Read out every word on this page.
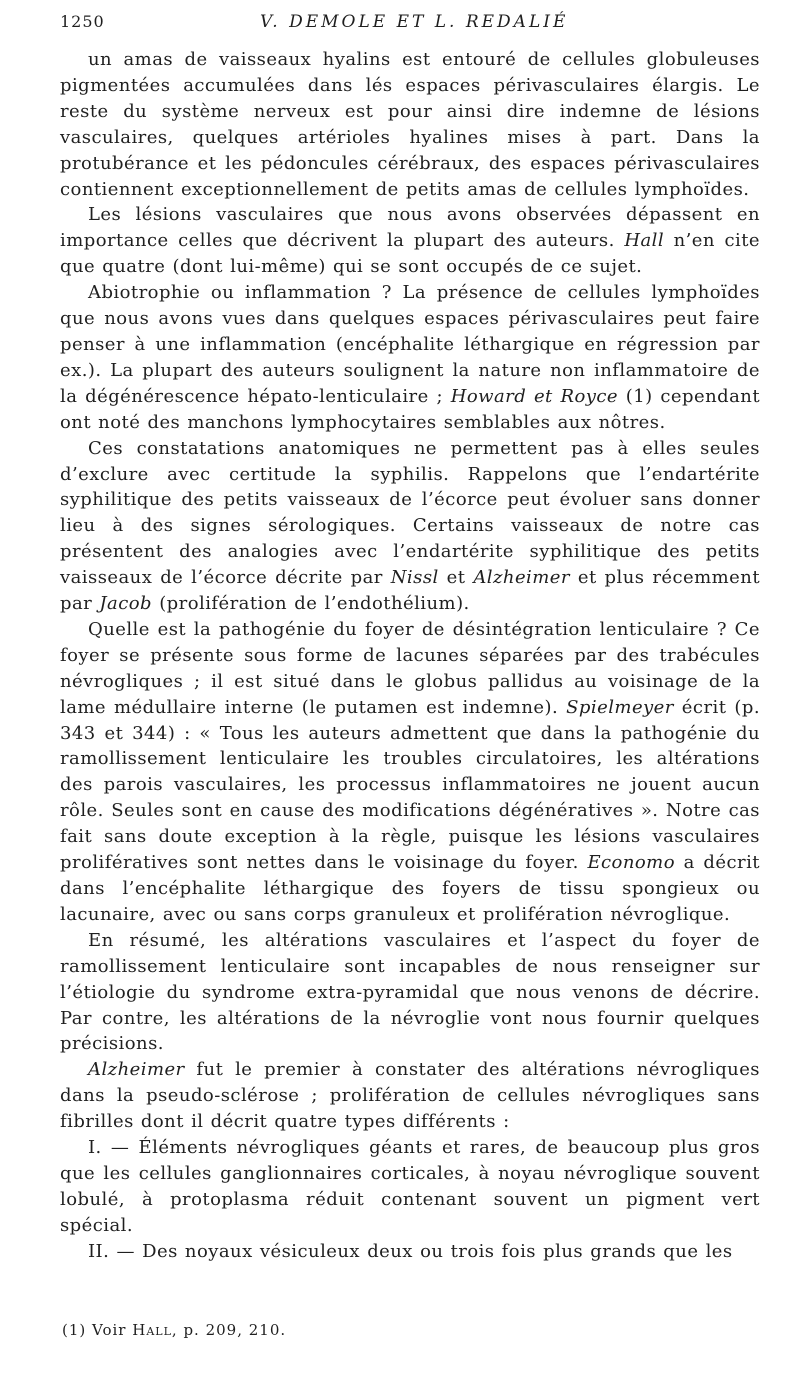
1250	V. DEMOLE ET L. REDALIÉ

un amas de vaisseaux hyalins est entouré de cellules globuleuses pigmentées accumulées dans lés espaces périvasculaires élargis. Le reste du système nerveux est pour ainsi dire indemne de lésions vasculaires, quelques artérioles hyalines mises à part. Dans la protubérance et les pédoncules cérébraux, des espaces périvasculaires contiennent exceptionnellement de petits amas de cellules lymphoïdes.

Les lésions vasculaires que nous avons observées dépassent en importance celles que décrivent la plupart des auteurs. Hall n’en cite que quatre (dont lui-même) qui se sont occupés de ce sujet.

Abiotrophie ou inflammation ? La présence de cellules lymphoïdes que nous avons vues dans quelques espaces périvasculaires peut faire penser à une inflammation (encéphalite léthargique en régression par ex.). La plupart des auteurs soulignent la nature non inflammatoire de la dégénérescence hépato-lenticulaire ; Howard et Royce (1) cependant ont noté des manchons lymphocytaires semblables aux nôtres.

Ces constatations anatomiques ne permettent pas à elles seules d’exclure avec certitude la syphilis. Rappelons que l’endartérite syphilitique des petits vaisseaux de l’écorce peut évoluer sans donner lieu à des signes sérologiques. Certains vaisseaux de notre cas présentent des analogies avec l’endartérite syphilitique des petits vaisseaux de l’écorce décrite par Nissl et Alzheimer et plus récemment par Jacob (prolifération de l’endothélium).

Quelle est la pathogénie du foyer de désintégration lenticulaire ? Ce foyer se présente sous forme de lacunes séparées par des trabécules névrogliques ; il est situé dans le globus pallidus au voisinage de la lame médullaire interne (le putamen est indemne). Spielmeyer écrit (p. 343 et 344) : « Tous les auteurs admettent que dans la pathogénie du ramollissement lenticulaire les troubles circulatoires, les altérations des parois vasculaires, les processus inflammatoires ne jouent aucun rôle. Seules sont en cause des modifications dégénératives ». Notre cas fait sans doute exception à la règle, puisque les lésions vasculaires prolifératives sont nettes dans le voisinage du foyer. Economo a décrit dans l’encéphalite léthargique des foyers de tissu spongieux ou lacunaire, avec ou sans corps granuleux et prolifération névroglique.

En résumé, les altérations vasculaires et l’aspect du foyer de ramollissement lenticulaire sont incapables de nous renseigner sur l’étiologie du syndrome extra-pyramidal que nous venons de décrire. Par contre, les altérations de la névroglie vont nous fournir quelques précisions.

Alzheimer fut le premier à constater des altérations névrogliques dans la pseudo-sclérose ; prolifération de cellules névrogliques sans fibrilles dont il décrit quatre types différents :

I. — Éléments névrogliques géants et rares, de beaucoup plus gros que les cellules ganglionnaires corticales, à noyau névroglique souvent lobulé, à protoplasma réduit contenant souvent un pigment vert spécial.

II. — Des noyaux vésiculeux deux ou trois fois plus grands que les

(1) Voir Hall, p. 209, 210.
